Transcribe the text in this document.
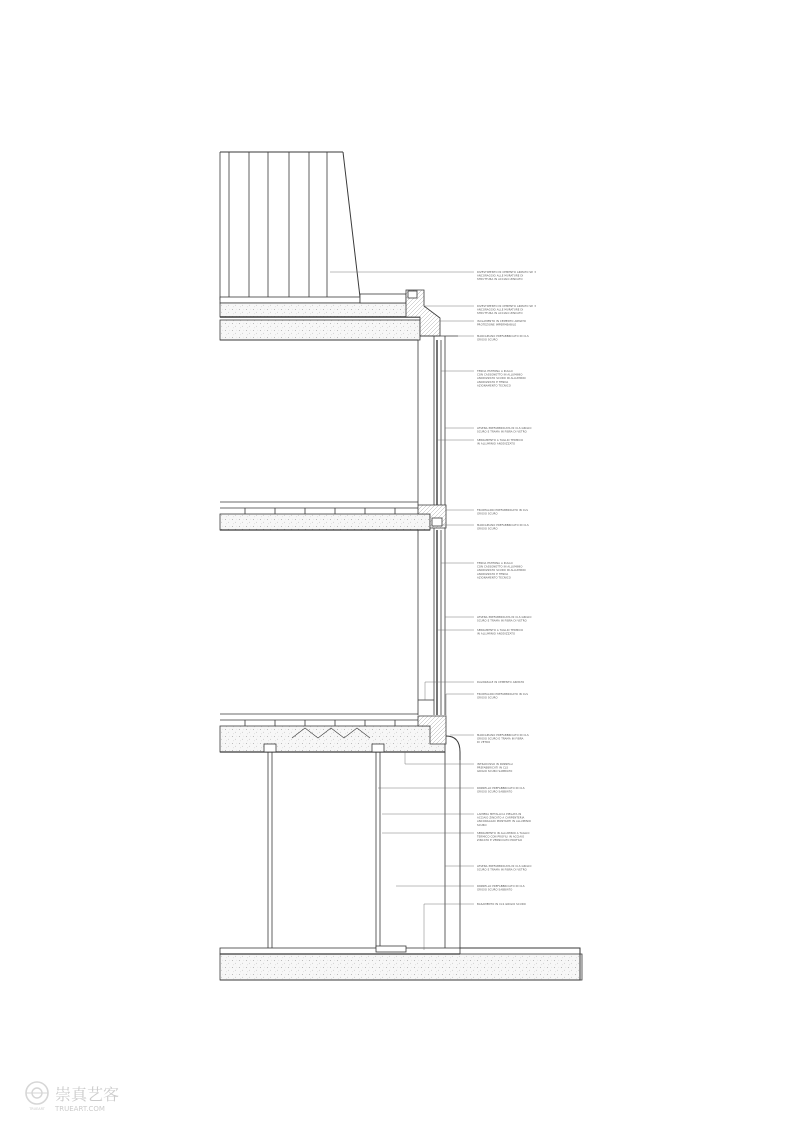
RIVESTIMENTO IN CEMENTO ARMATO SP. 3 ANCORAGGIO ALLE MURATURE DI STRUTTURA IN ACCIAIO ZINCATO
RIVESTIMENTO IN CEMENTO ARMATO SP. 3 ANCORAGGIO ALLE MURATURE DI STRUTTURA IN ACCIAIO ZINCATO
ISOLAMENTO IN CEMENTO ARMATO PROTEZIONE IMPERMEABILE
MARCAPIANO PREFABBRICATO IN CLS GRIGIO SCURO
TENDA ESTERNA A RULLO CON CASSONETTO IN ALLUMINIO ANODIZZATO SCURO IN ALLUMINIO ANODIZZATO E TENDA AZIONAMENTO TECNICO
LESENA PREFABBRICATA IN CLS GRIGIO SCURO E TRAMA IN FIBRA DI VETRO
SERRAMENTO A TAGLIO TERMICO IN ALLUMINIO ANODIZZATO
FRONTALINO PREFABBRICATO IN CLS GRIGIO SCURO
MARCAPIANO PREFABBRICATO IN CLS GRIGIO SCURO
TENDA ESTERNA A RULLO CON CASSONETTO IN ALLUMINIO ANODIZZATO SCURO IN ALLUMINIO ANODIZZATO E TENDA AZIONAMENTO TECNICO
LESENA PREFABBRICATA IN CLS GRIGIO SCURO E TRAMA IN FIBRA DI VETRO
SERRAMENTO A TAGLIO TERMICO IN ALLUMINIO ANODIZZATO
DAVANZALE IN CEMENTO ARMATO
FRONTALINO PREFABBRICATO IN CLS GRIGIO SCURO
MARCAPIANO PREFABBRICATO IN CLS GRIGIO SCURO E TRAMA IN FIBRA DI VETRO
INTRADOSSO IN PANNELLI PREFABBRICATI IN CLS GRIGIO SCURO SABBIATO
PANNELLO PREFABBRICATO IN CLS GRIGIO SCURO SABBIATO
LAMIERA METALLICA PIEGATA IN ACCIAIO ZINCATO A CARPENTERIA ANCORAGGIO MONTANTI IN ALLUMINIO SCURO
SERRAMENTO IN ALLUMINIO A TAGLIO TERMICO CON PROFILI IN ACCIAIO ZINCATO E VERNICIATO PROFILO
LESENA PREFABBRICATA IN CLS GRIGIO SCURO E TRAMA IN FIBRA DI VETRO
PANNELLO PREFABBRICATO IN CLS GRIGIO SCURO SABBIATO
BASAMENTO IN CLS GRIGIO SCURO
TRUEART
崇真艺客
TRUEART.COM
